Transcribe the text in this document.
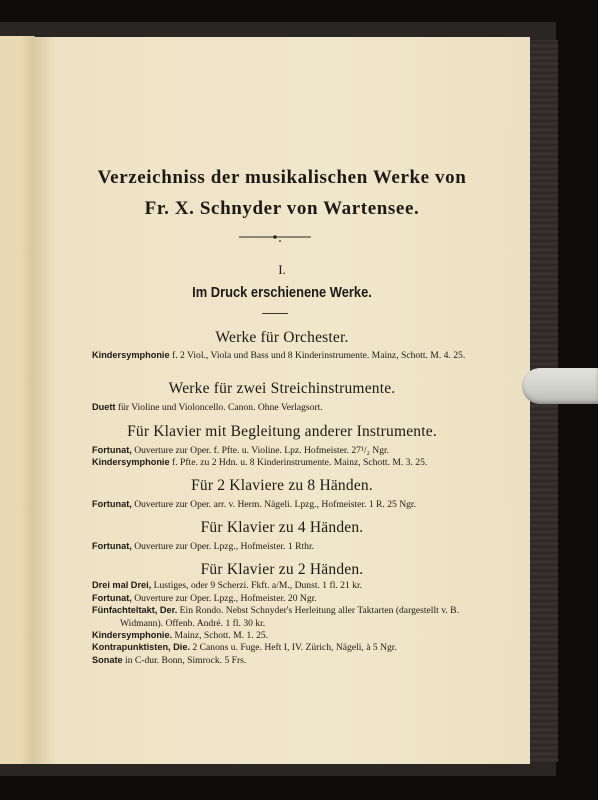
Verzeichniss der musikalischen Werke von
Fr. X. Schnyder von Wartensee.
I.
Im Druck erschienene Werke.
Werke für Orchester.
Kindersymphonie f. 2 Viol., Viola und Bass und 8 Kinderinstrumente. Mainz, Schott. M. 4. 25.
Werke für zwei Streichinstrumente.
Duett für Violine und Violoncello. Canon. Ohne Verlagsort.
Für Klavier mit Begleitung anderer Instrumente.
Fortunat, Ouverture zur Oper. f. Pfte. u. Violine. Lpz. Hofmeister. 27¹/₂ Ngr.
Kindersymphonie f. Pfte. zu 2 Hdn. u. 8 Kinderinstrumente. Mainz, Schott. M. 3. 25.
Für 2 Klaviere zu 8 Händen.
Fortunat, Ouverture zur Oper. arr. v. Herm. Nägeli. Lpzg., Hofmeister. 1 R. 25 Ngr.
Für Klavier zu 4 Händen.
Fortunat, Ouverture zur Oper. Lpzg., Hofmeister. 1 Rthr.
Für Klavier zu 2 Händen.
Drei mal Drei, Lustiges, oder 9 Scherzi. Fkft. a/M., Dunst. 1 fl. 21 kr.
Fortunat, Ouverture zur Oper. Lpzg., Hofmeister. 20 Ngr.
Fünfachteltakt, Der. Ein Rondo. Nebst Schnyder's Herleitung aller Taktarten (dargestellt v. B. Widmann). Offenb. André. 1 fl. 30 kr.
Kindersymphonie. Mainz, Schott. M. 1. 25.
Kontrapunktisten, Die. 2 Canons u. Fuge. Heft I, IV. Zürich, Nägeli, à 5 Ngr.
Sonate in C-dur. Bonn, Simrock. 5 Frs.
